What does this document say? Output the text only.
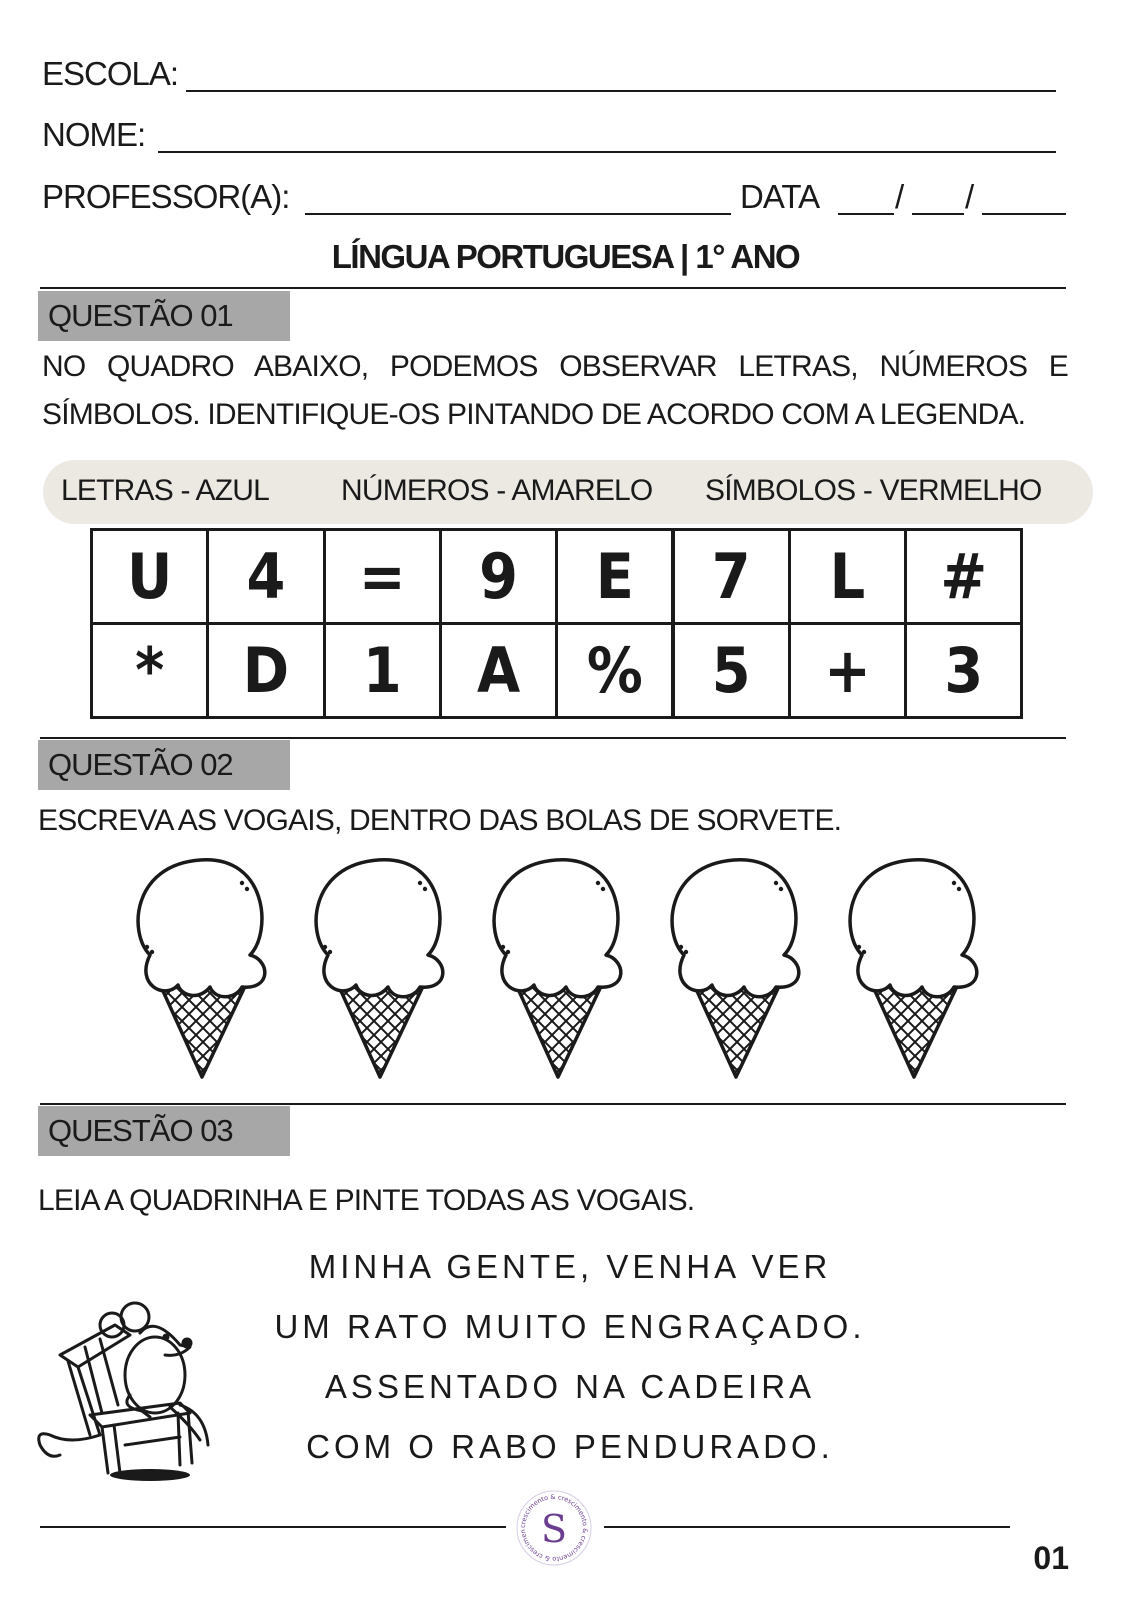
ESCOLA:
NOME:
PROFESSOR(A):	DATA / /
LÍNGUA PORTUGUESA | 1° ANO
QUESTÃO 01
NO QUADRO ABAIXO, PODEMOS OBSERVAR LETRAS, NÚMEROS E
SÍMBOLOS. IDENTIFIQUE-OS PINTANDO DE ACORDO COM A LEGENDA.
LETRAS - AZUL NÚMEROS - AMARELO SÍMBOLOS - VERMELHO
U	4	=	9	E	7	L	#
*	D	1	A	%	5	+	3
QUESTÃO 02
ESCREVA AS VOGAIS, DENTRO DAS BOLAS DE SORVETE.
QUESTÃO 03
LEIA A QUADRINHA E PINTE TODAS AS VOGAIS.
MINHA GENTE, VENHA VER
UM RATO MUITO ENGRAÇADO.
ASSENTADO NA CADEIRA
COM O RABO PENDURADO.
crescimento & crescimento & crescimento & crescimen S
01
